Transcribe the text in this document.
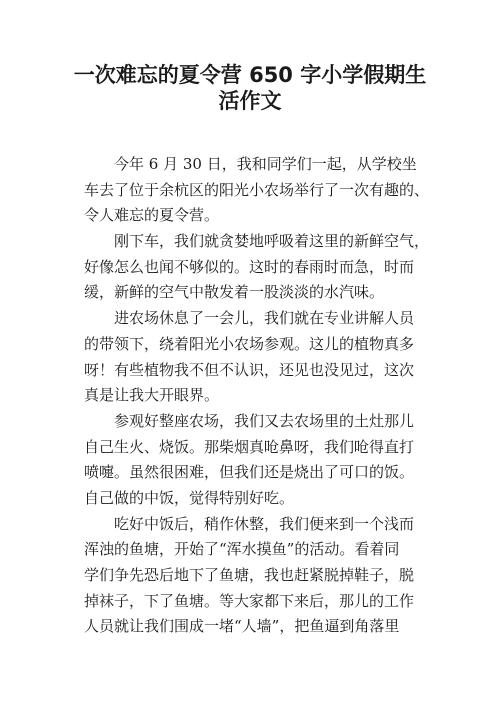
一次难忘的夏令营 650 字小学假期生
活作文
今年 6 月 30 日，我和同学们一起，从学校坐
车去了位于余杭区的阳光小农场举行了一次有趣的、
令人难忘的夏令营。
刚下车，我们就贪婪地呼吸着这里的新鲜空气，
好像怎么也闻不够似的。这时的春雨时而急，时而
缓，新鲜的空气中散发着一股淡淡的水汽味。
进农场休息了一会儿，我们就在专业讲解人员
的带领下，绕着阳光小农场参观。这儿的植物真多
呀！有些植物我不但不认识，还见也没见过，这次
真是让我大开眼界。
参观好整座农场，我们又去农场里的土灶那儿
自己生火、烧饭。那柴烟真呛鼻呀，我们呛得直打
喷嚏。虽然很困难，但我们还是烧出了可口的饭。
自己做的中饭，觉得特别好吃。
吃好中饭后，稍作休整，我们便来到一个浅而
浑浊的鱼塘，开始了“浑水摸鱼”的活动。看着同
学们争先恐后地下了鱼塘，我也赶紧脱掉鞋子，脱
掉袜子，下了鱼塘。等大家都下来后，那儿的工作
人员就让我们围成一堵“人墙”，把鱼逼到角落里
